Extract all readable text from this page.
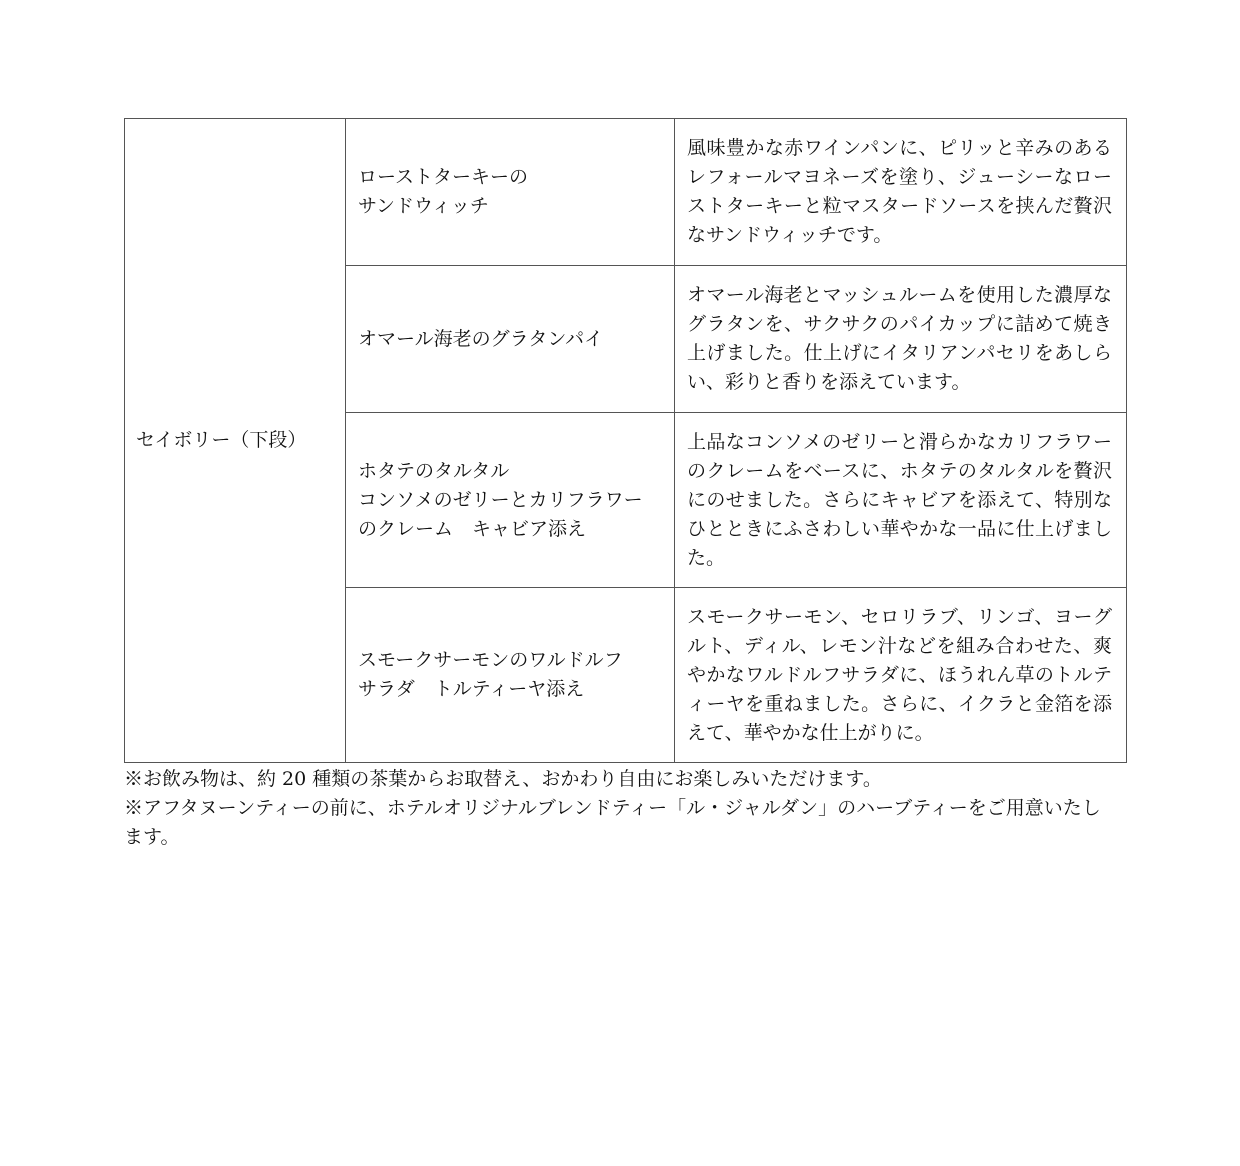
セイボリー（下段）	ローストターキーの
サンドウィッチ	風味豊かな赤ワインパンに、ピリッと辛みのあるレフォールマヨネーズを塗り、ジューシーなローストターキーと粒マスタードソースを挟んだ贅沢なサンドウィッチです。

	オマール海老のグラタンパイ	オマール海老とマッシュルームを使用した濃厚なグラタンを、サクサクのパイカップに詰めて焼き上げました。仕上げにイタリアンパセリをあしらい、彩りと香りを添えています。

	ホタテのタルタル
コンソメのゼリーとカリフラワー
のクレーム　キャビア添え	上品なコンソメのゼリーと滑らかなカリフラワーのクレームをベースに、ホタテのタルタルを贅沢にのせました。さらにキャビアを添えて、特別なひとときにふさわしい華やかな一品に仕上げました。

	スモークサーモンのワルドルフ
サラダ　トルティーヤ添え	スモークサーモン、セロリラブ、リンゴ、ヨーグルト、ディル、レモン汁などを組み合わせた、爽やかなワルドルフサラダに、ほうれん草のトルティーヤを重ねました。さらに、イクラと金箔を添えて、華やかな仕上がりに。

※お飲み物は、約 20 種類の茶葉からお取替え、おかわり自由にお楽しみいただけます。

※アフタヌーンティーの前に、ホテルオリジナルブレンドティー「ル・ジャルダン」のハーブティーをご用意いたします。
